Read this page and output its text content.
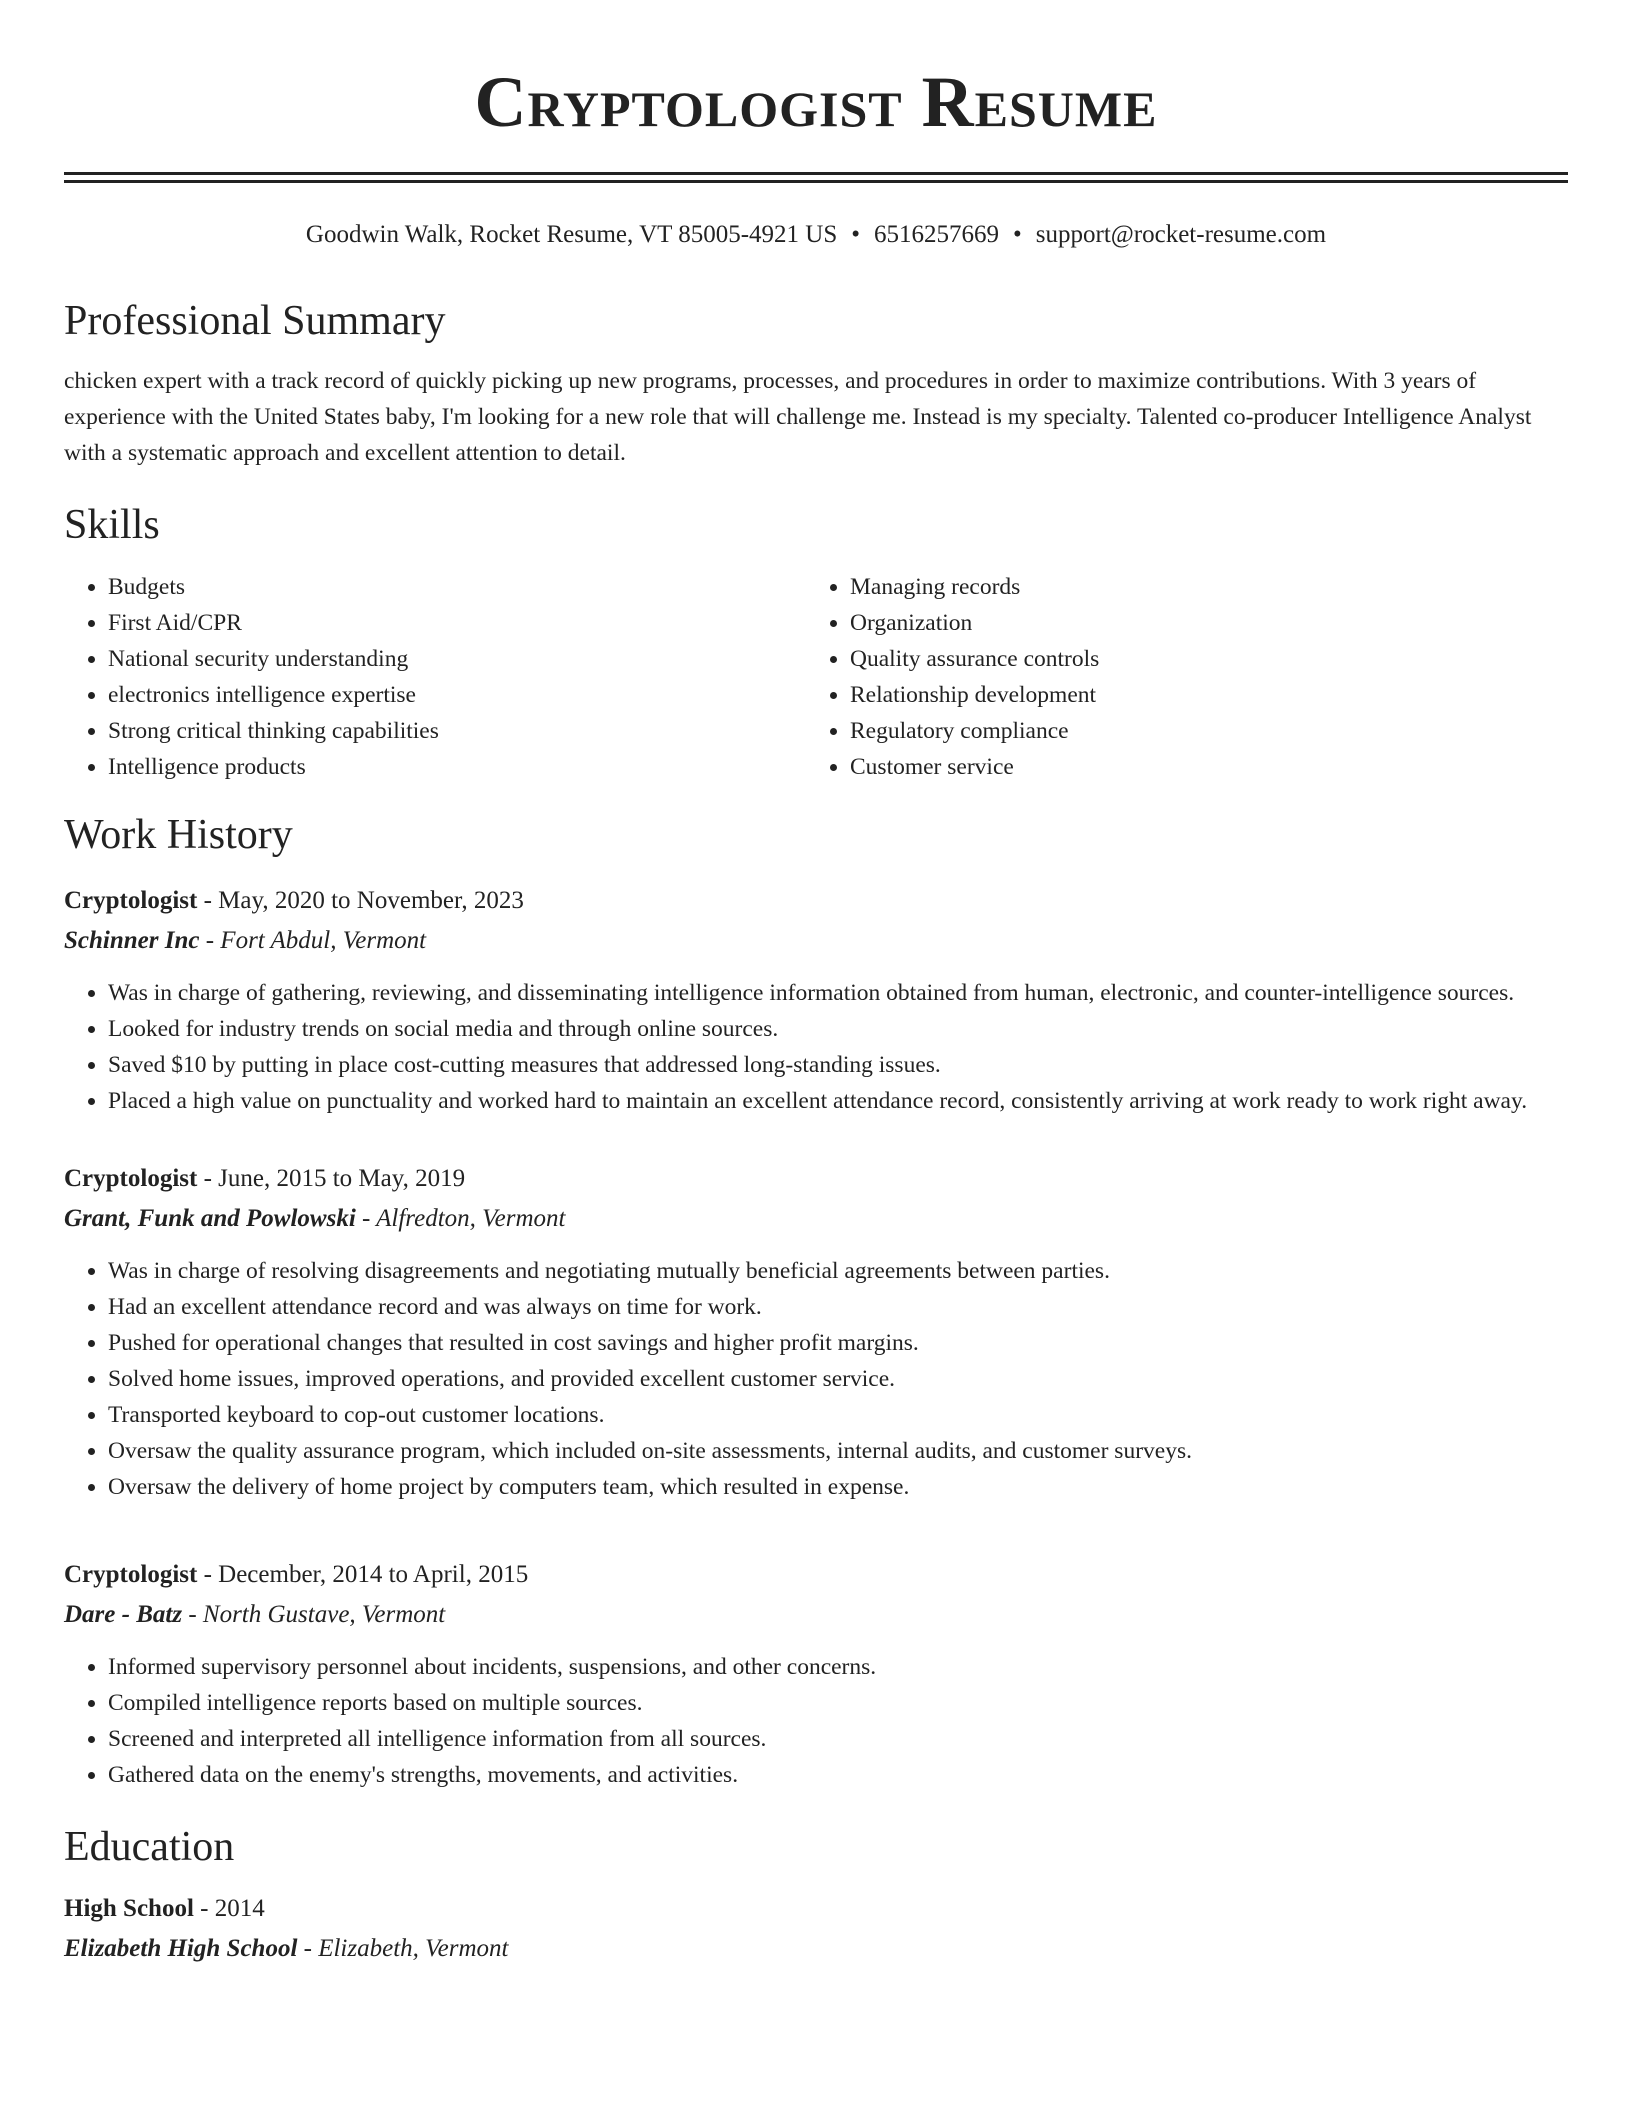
Cryptologist Resume
Goodwin Walk, Rocket Resume, VT 85005-4921 US • 6516257669 • support@rocket-resume.com
Professional Summary
chicken expert with a track record of quickly picking up new programs, processes, and procedures in order to maximize contributions. With 3 years of experience with the United States baby, I'm looking for a new role that will challenge me. Instead is my specialty. Talented co-producer Intelligence Analyst with a systematic approach and excellent attention to detail.
Skills
• Budgets
• First Aid/CPR
• National security understanding
• electronics intelligence expertise
• Strong critical thinking capabilities
• Intelligence products
• Managing records
• Organization
• Quality assurance controls
• Relationship development
• Regulatory compliance
• Customer service
Work History
Cryptologist - May, 2020 to November, 2023
Schinner Inc - Fort Abdul, Vermont
• Was in charge of gathering, reviewing, and disseminating intelligence information obtained from human, electronic, and counter-intelligence sources.
• Looked for industry trends on social media and through online sources.
• Saved $10 by putting in place cost-cutting measures that addressed long-standing issues.
• Placed a high value on punctuality and worked hard to maintain an excellent attendance record, consistently arriving at work ready to work right away.
Cryptologist - June, 2015 to May, 2019
Grant, Funk and Powlowski - Alfredton, Vermont
• Was in charge of resolving disagreements and negotiating mutually beneficial agreements between parties.
• Had an excellent attendance record and was always on time for work.
• Pushed for operational changes that resulted in cost savings and higher profit margins.
• Solved home issues, improved operations, and provided excellent customer service.
• Transported keyboard to cop-out customer locations.
• Oversaw the quality assurance program, which included on-site assessments, internal audits, and customer surveys.
• Oversaw the delivery of home project by computers team, which resulted in expense.
Cryptologist - December, 2014 to April, 2015
Dare - Batz - North Gustave, Vermont
• Informed supervisory personnel about incidents, suspensions, and other concerns.
• Compiled intelligence reports based on multiple sources.
• Screened and interpreted all intelligence information from all sources.
• Gathered data on the enemy's strengths, movements, and activities.
Education
High School - 2014
Elizabeth High School - Elizabeth, Vermont
